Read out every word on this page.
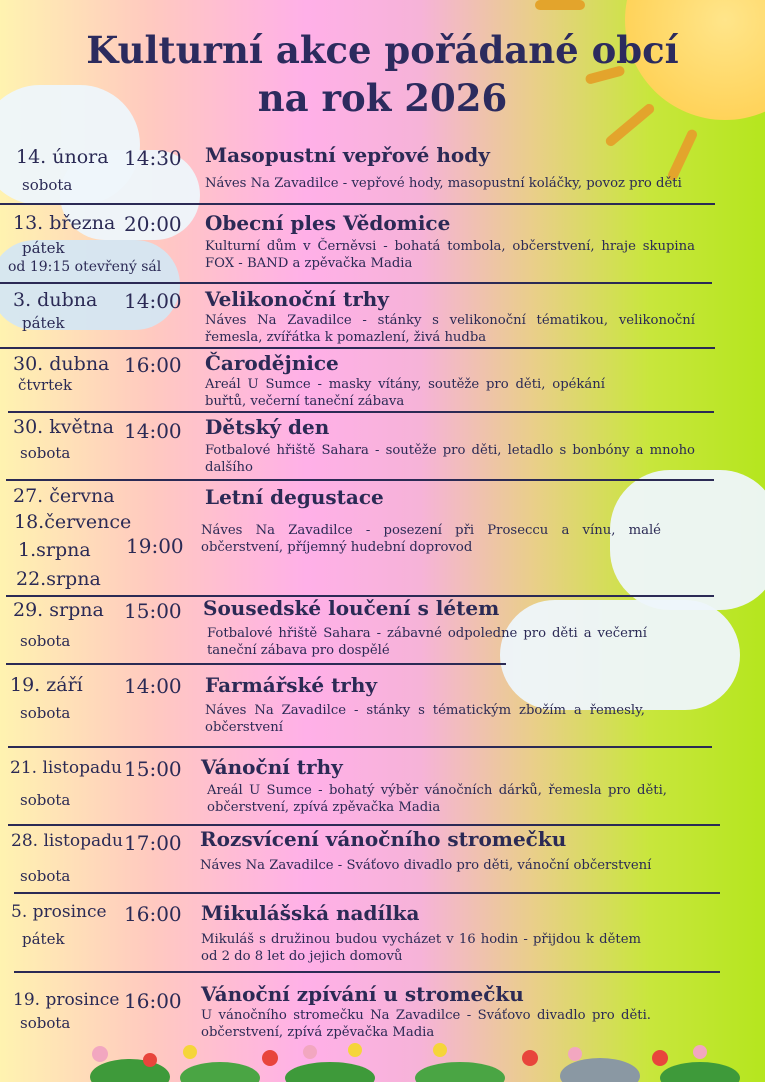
Kulturní akce pořádané obcí
na rok 2026
14. února
sobota
14:30 Masopustní vepřové hody
Náves Na Zavadilce - vepřové hody, masopustní koláčky, povoz pro děti
13. března
pátek
od 19:15 otevřený sál
20:00 Obecní ples Vědomice
Kulturní dům v Černěvsi - bohatá tombola, občerstvení, hraje skupina FOX - BAND a zpěvačka Madia
3. dubna
pátek
14:00 Velikonoční trhy
Náves Na Zavadilce - stánky s velikonoční tématikou, velikonoční řemesla, zvířátka k pomazlení, živá hudba
30. dubna
čtvrtek
16:00 Čarodějnice
Areál U Sumce - masky vítány, soutěže pro děti, opékání buřtů, večerní taneční zábava
30. května
sobota
14:00 Dětský den
Fotbalové hřiště Sahara - soutěže pro děti, letadlo s bonbóny a mnoho dalšího
27. června
18.července
1.srpna
22.srpna
19:00
Letní degustace
Náves Na Zavadilce - posezení při Proseccu a vínu, malé občerstvení, příjemný hudební doprovod
29. srpna
sobota
15:00 Sousedské loučení s létem
Fotbalové hřiště Sahara - zábavné odpoledne pro děti a večerní taneční zábava pro dospělé
19. září
sobota
14:00 Farmářské trhy
Náves Na Zavadilce - stánky s tématickým zbožím a řemesly, občerstvení
21. listopadu
sobota
15:00 Vánoční trhy
Areál U Sumce - bohatý výběr vánočních dárků, řemesla pro děti, občerstvení, zpívá zpěvačka Madia
28. listopadu
sobota
17:00 Rozsvícení vánočního stromečku
Náves Na Zavadilce - Sváťovo divadlo pro děti, vánoční občerstvení
5. prosince
pátek
16:00 Mikulášská nadílka
Mikuláš s družinou budou vycházet v 16 hodin - přijdou k dětem od 2 do 8 let do jejich domovů
19. prosince
sobota
16:00 Vánoční zpívání u stromečku
U vánočního stromečku Na Zavadilce - Sváťovo divadlo pro děti. občerstvení, zpívá zpěvačka Madia
